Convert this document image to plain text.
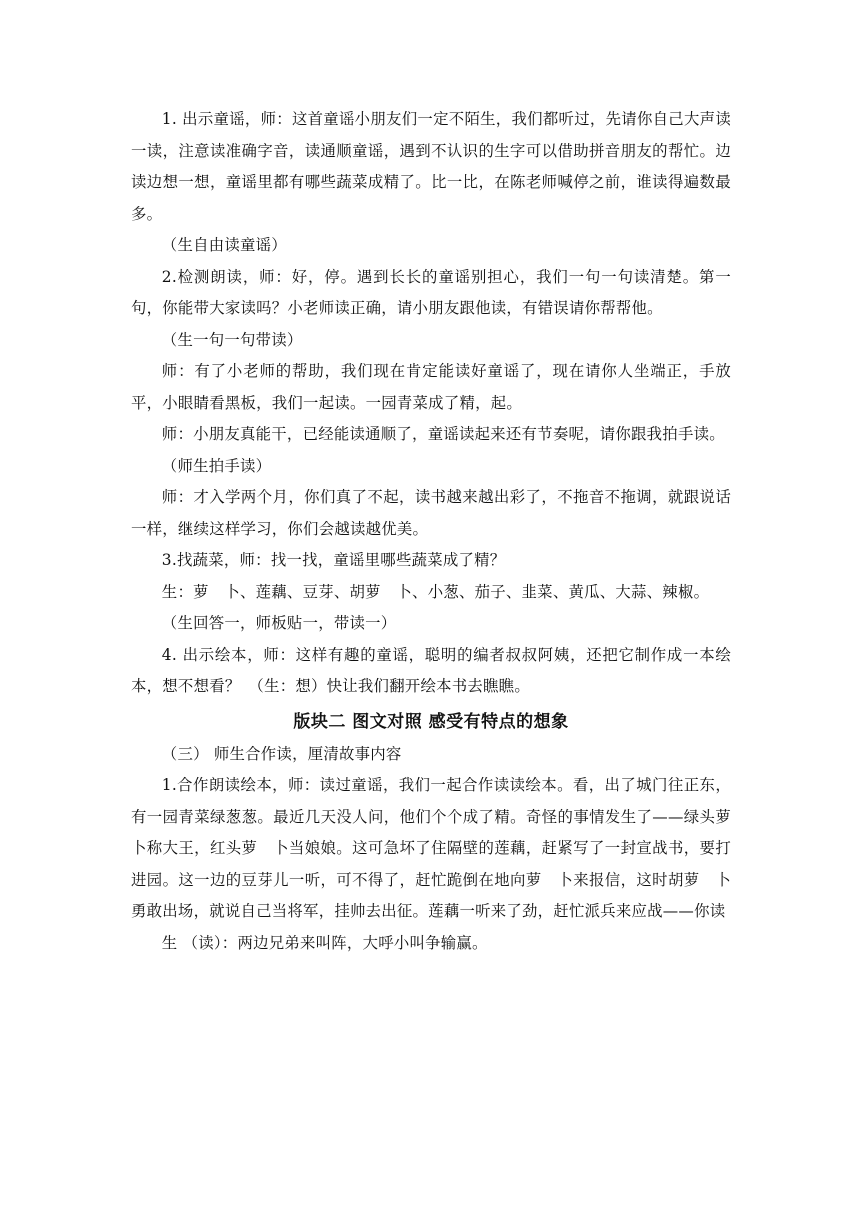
1. 出示童谣，师：这首童谣小朋友们一定不陌生，我们都听过，先请你自己大声读一读，注意读准确字音，读通顺童谣，遇到不认识的生字可以借助拼音朋友的帮忙。边读边想一想，童谣里都有哪些蔬菜成精了。比一比，在陈老师喊停之前，谁读得遍数最多。

（生自由读童谣）

2.检测朗读，师：好，停。遇到长长的童谣别担心，我们一句一句读清楚。第一句，你能带大家读吗？小老师读正确，请小朋友跟他读，有错误请你帮帮他。

（生一句一句带读）

师：有了小老师的帮助，我们现在肯定能读好童谣了，现在请你人坐端正，手放平，小眼睛看黑板，我们一起读。一园青菜成了精，起。

师：小朋友真能干，已经能读通顺了，童谣读起来还有节奏呢，请你跟我拍手读。

（师生拍手读）

师：才入学两个月，你们真了不起，读书越来越出彩了，不拖音不拖调，就跟说话一样，继续这样学习，你们会越读越优美。

3.找蔬菜，师：找一找，童谣里哪些蔬菜成了精？

生：萝　卜、莲藕、豆芽、胡萝　卜、小葱、茄子、韭菜、黄瓜、大蒜、辣椒。

（生回答一，师板贴一，带读一）

4. 出示绘本，师：这样有趣的童谣，聪明的编者叔叔阿姨，还把它制作成一本绘本，想不想看？　（生：想）快让我们翻开绘本书去瞧瞧。

版块二 图文对照 感受有特点的想象

（三） 师生合作读，厘清故事内容

1.合作朗读绘本，师：读过童谣，我们一起合作读读绘本。看，出了城门往正东，有一园青菜绿葱葱。最近几天没人问，他们个个成了精。奇怪的事情发生了——绿头萝　卜称大王，红头萝　卜当娘娘。这可急坏了住隔壁的莲藕，赶紧写了一封宣战书，要打进园。这一边的豆芽儿一听，可不得了，赶忙跪倒在地向萝　卜来报信，这时胡萝　卜勇敢出场，就说自己当将军，挂帅去出征。莲藕一听来了劲，赶忙派兵来应战——你读

生 （读）：两边兄弟来叫阵，大呼小叫争输赢。
